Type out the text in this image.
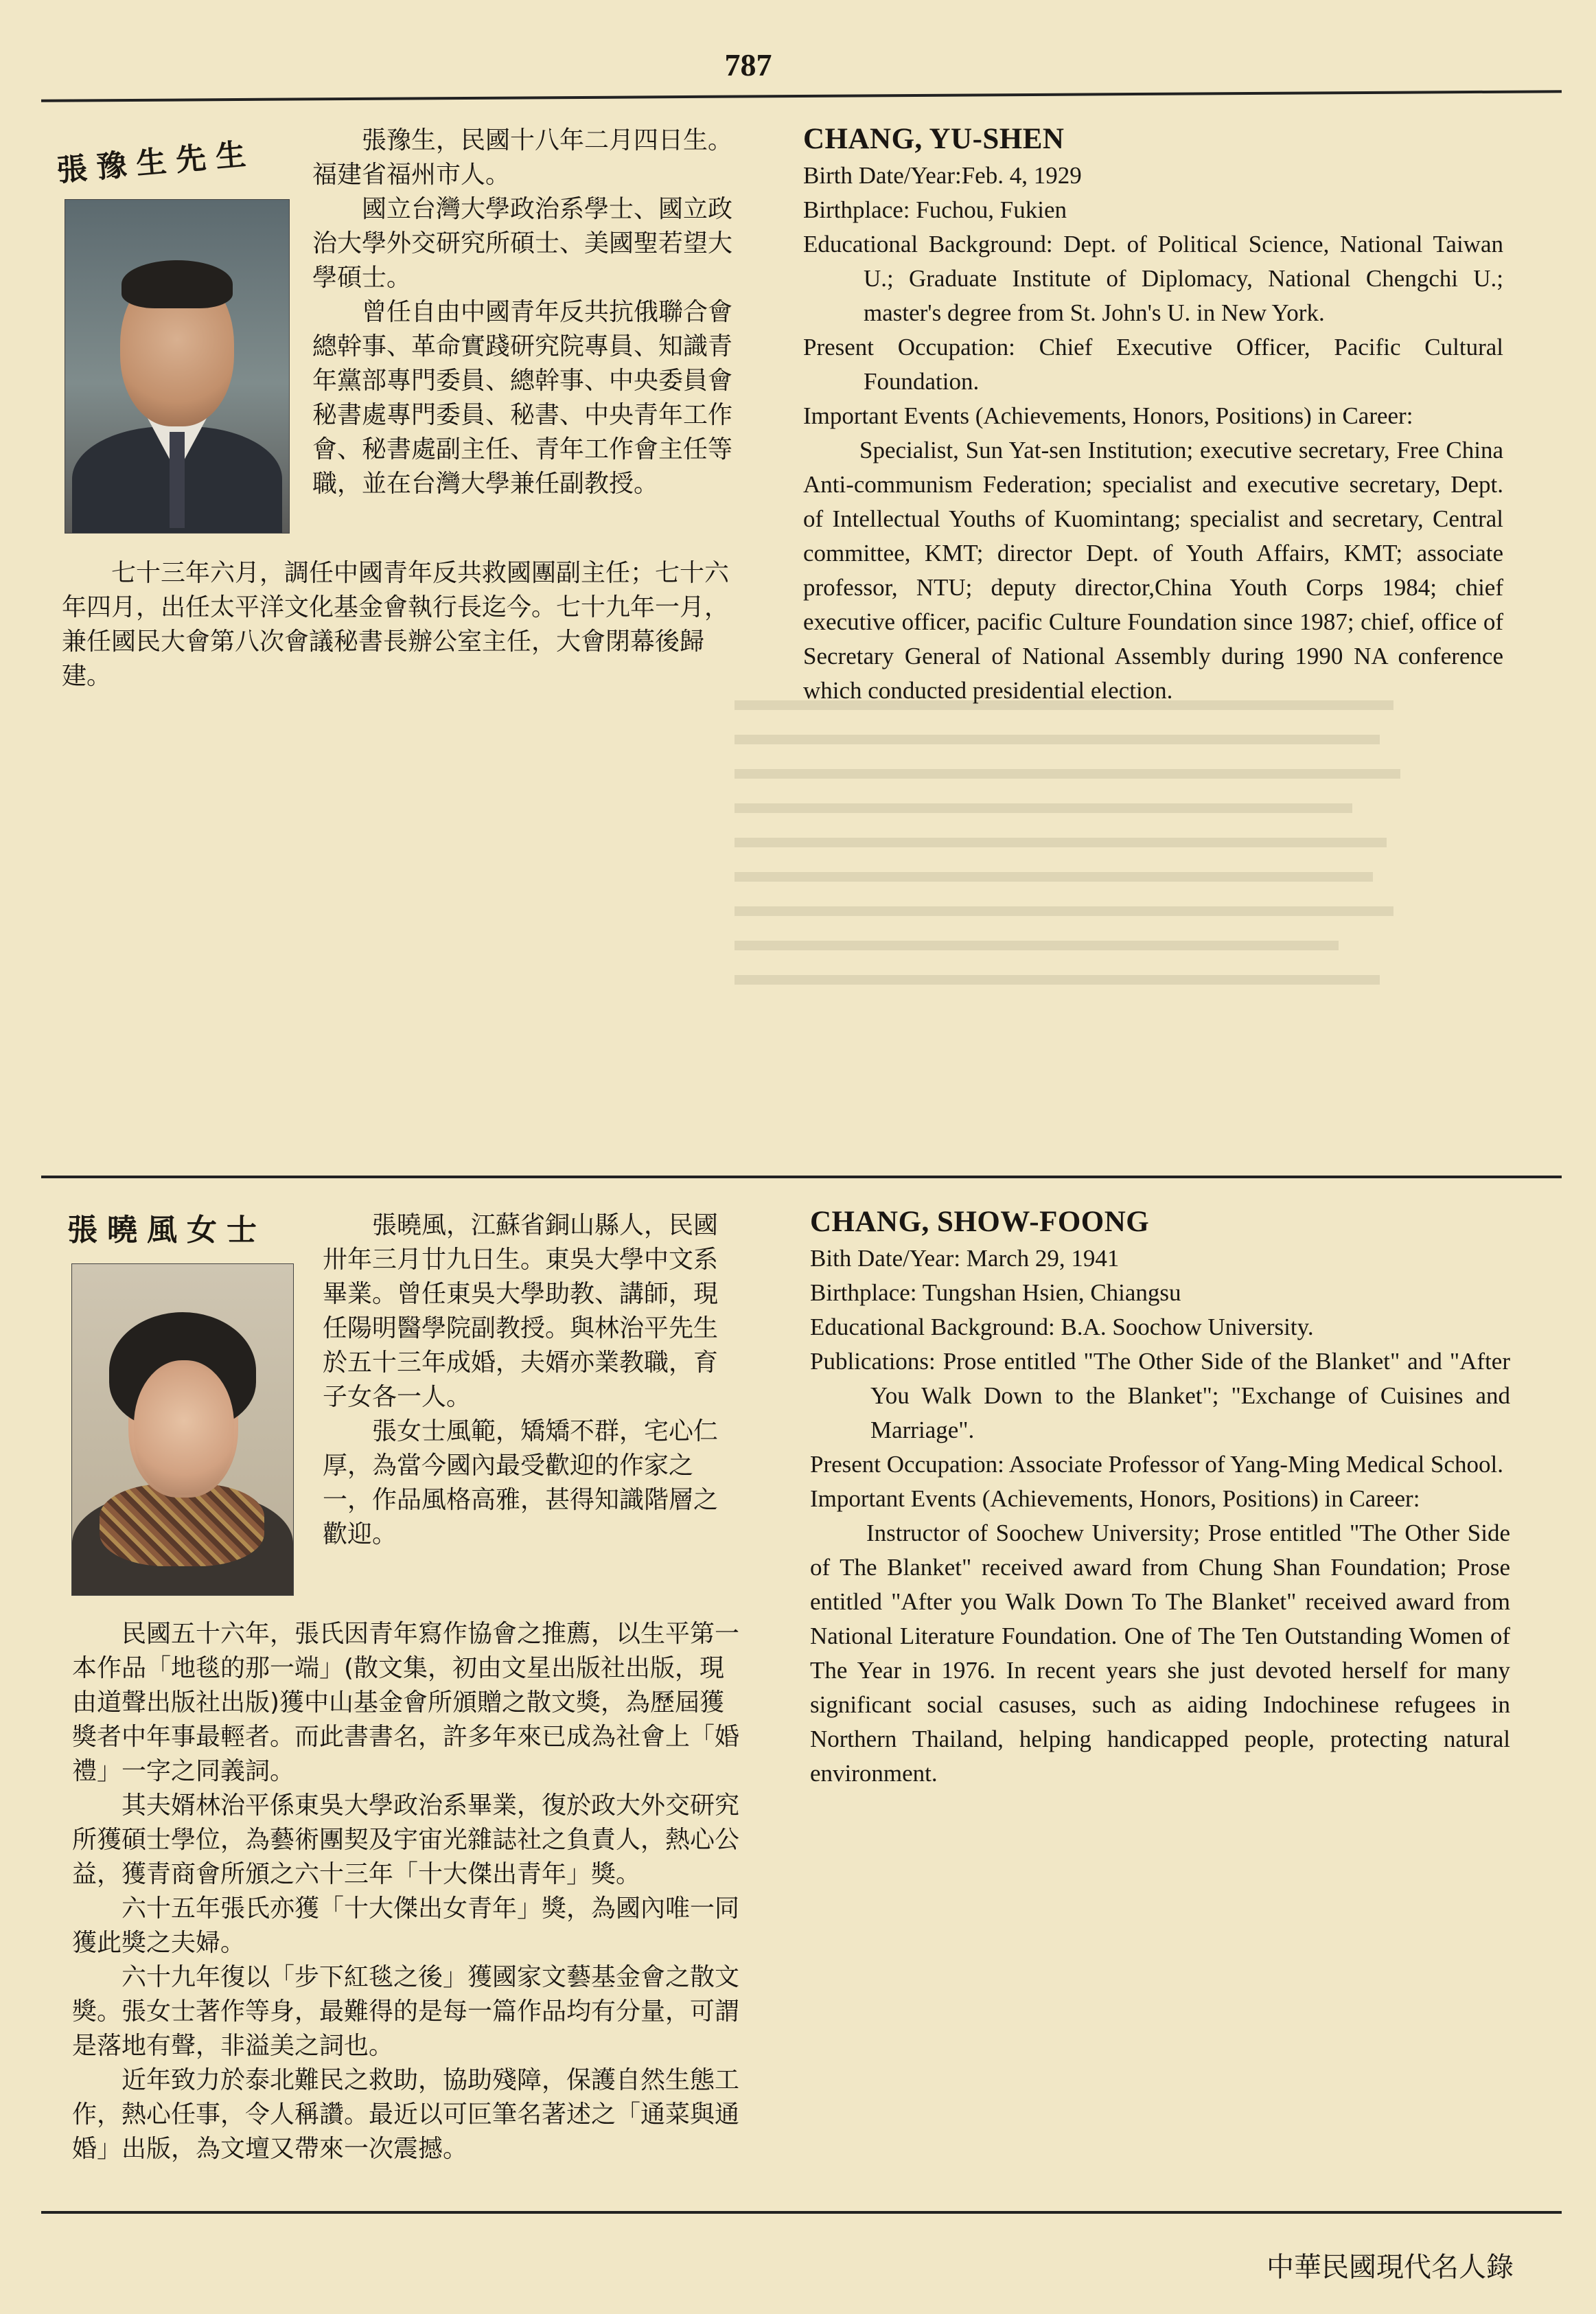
787
張豫生先生	張豫生，民國十八年二月四日生。福建省福州市人。

國立台灣大學政治系學士、國立政治大學外交研究所碩士、美國聖若望大學碩士。

曾任自由中國青年反共抗俄聯合會總幹事、革命實踐研究院專員、知識青年黨部專門委員、總幹事、中央委員會秘書處專門委員、秘書、中央青年工作會、秘書處副主任、青年工作會主任等職，並在台灣大學兼任副教授。

七十三年六月，調任中國青年反共救國團副主任；七十六年四月，出任太平洋文化基金會執行長迄今。七十九年一月，兼任國民大會第八次會議秘書長辦公室主任，大會閉幕後歸建。

CHANG, YU-SHEN

Birth Date/Year:Feb. 4, 1929

Birthplace: Fuchou, Fukien

Educational Background: Dept. of Political Science, National Taiwan U.; Graduate Institute of Diplomacy, National Chengchi U.; master's degree from St. John's U. in New York.

Present Occupation: Chief Executive Officer, Pacific Cultural Foundation.

Important Events (Achievements, Honors, Positions) in Career:

Specialist, Sun Yat-sen Institution; executive secretary, Free China Anti-communism Federation; specialist and executive secretary, Dept. of Intellectual Youths of Kuomintang; specialist and secretary, Central committee, KMT; director Dept. of Youth Affairs, KMT; associate professor, NTU; deputy director,China Youth Corps 1984; chief executive officer, pacific Culture Foundation since 1987; chief, office of Secretary General of National Assembly during 1990 NA conference which conducted presidential election.

張曉風女士	張曉風，江蘇省銅山縣人，民國卅年三月廿九日生。東吳大學中文系畢業。曾任東吳大學助教、講師，現任陽明醫學院副教授。與林治平先生於五十三年成婚，夫婿亦業教職，育子女各一人。

張女士風範，矯矯不群，宅心仁厚，為當今國內最受歡迎的作家之一，作品風格高雅，甚得知識階層之歡迎。

民國五十六年，張氏因青年寫作協會之推薦，以生平第一本作品「地毯的那一端」(散文集，初由文星出版社出版，現由道聲出版社出版)獲中山基金會所頒贈之散文獎，為歷屆獲獎者中年事最輕者。而此書書名，許多年來已成為社會上「婚禮」一字之同義詞。

其夫婿林治平係東吳大學政治系畢業，復於政大外交研究所獲碩士學位，為藝術團契及宇宙光雜誌社之負責人，熱心公益，獲青商會所頒之六十三年「十大傑出青年」獎。

六十五年張氏亦獲「十大傑出女青年」獎，為國內唯一同獲此獎之夫婦。

六十九年復以「步下紅毯之後」獲國家文藝基金會之散文獎。張女士著作等身，最難得的是每一篇作品均有分量，可謂是落地有聲，非溢美之詞也。

近年致力於泰北難民之救助，協助殘障，保護自然生態工作，熱心任事，令人稱讚。最近以可叵筆名著述之「通菜與通婚」出版，為文壇又帶來一次震撼。

CHANG, SHOW-FOONG

Bith Date/Year: March 29, 1941

Birthplace: Tungshan Hsien, Chiangsu

Educational Background: B.A. Soochow University.

Publications: Prose entitled "The Other Side of the Blanket" and "After You Walk Down to the Blanket"; "Exchange of Cuisines and Marriage".

Present Occupation: Associate Professor of Yang-Ming Medical School.

Important Events (Achievements, Honors, Positions) in Career:

Instructor of Soochew University; Prose entitled "The Other Side of The Blanket" received award from Chung Shan Foundation; Prose entitled "After you Walk Down To The Blanket" received award from National Literature Foundation. One of The Ten Outstanding Women of The Year in 1976. In recent years she just devoted herself for many significant social casuses, such as aiding Indochinese refugees in Northern Thailand, helping handicapped people, protecting natural environment.

中華民國現代名人錄
